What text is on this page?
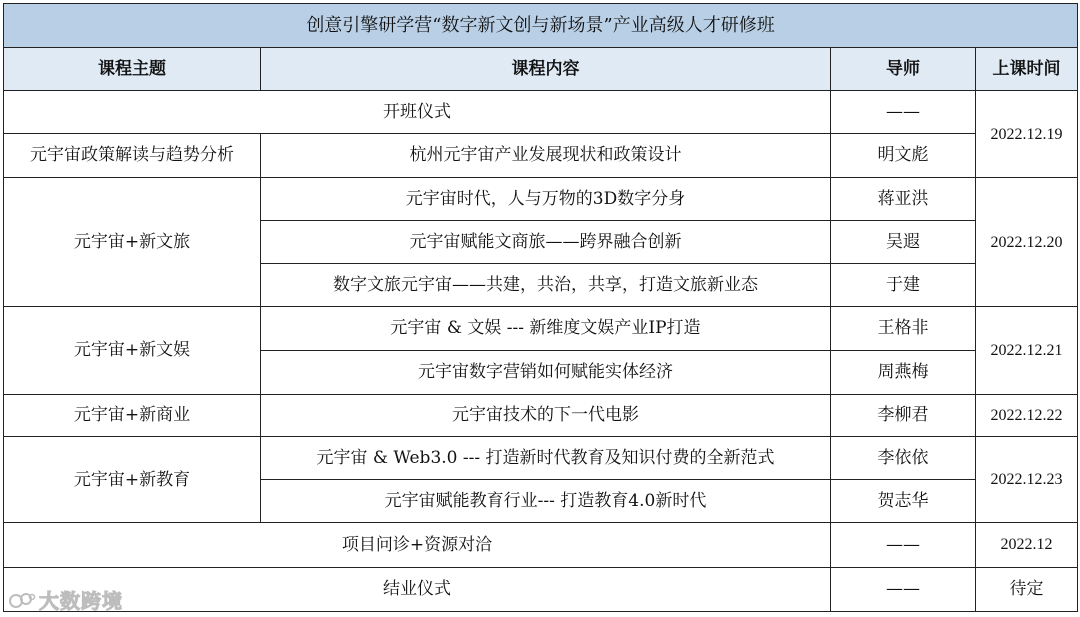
创意引擎研学营“数字新文创与新场景”产业高级人才研修班			
课程主题	课程内容	导师	上课时间
开班仪式		——	2022.12.19
元宇宙政策解读与趋势分析	杭州元宇宙产业发展现状和政策设计	明文彪	
元宇宙+新文旅	元宇宙时代，人与万物的3D数字分身	蒋亚洪	2022.12.20
	元宇宙赋能文商旅——跨界融合创新	吴遐	
	数字文旅元宇宙——共建，共治，共享，打造文旅新业态	于建	
元宇宙+新文娱	元宇宙 & 文娱 --- 新维度文娱产业IP打造	王格非	2022.12.21
	元宇宙数字营销如何赋能实体经济	周燕梅	
元宇宙+新商业	元宇宙技术的下一代电影	李柳君	2022.12.22
元宇宙+新教育	元宇宙 & Web3.0 --- 打造新时代教育及知识付费的全新范式	李依依	2022.12.23
	元宇宙赋能教育行业--- 打造教育4.0新时代	贺志华	
项目问诊+资源对洽		——	2022.12
结业仪式		——	待定
大数跨境
